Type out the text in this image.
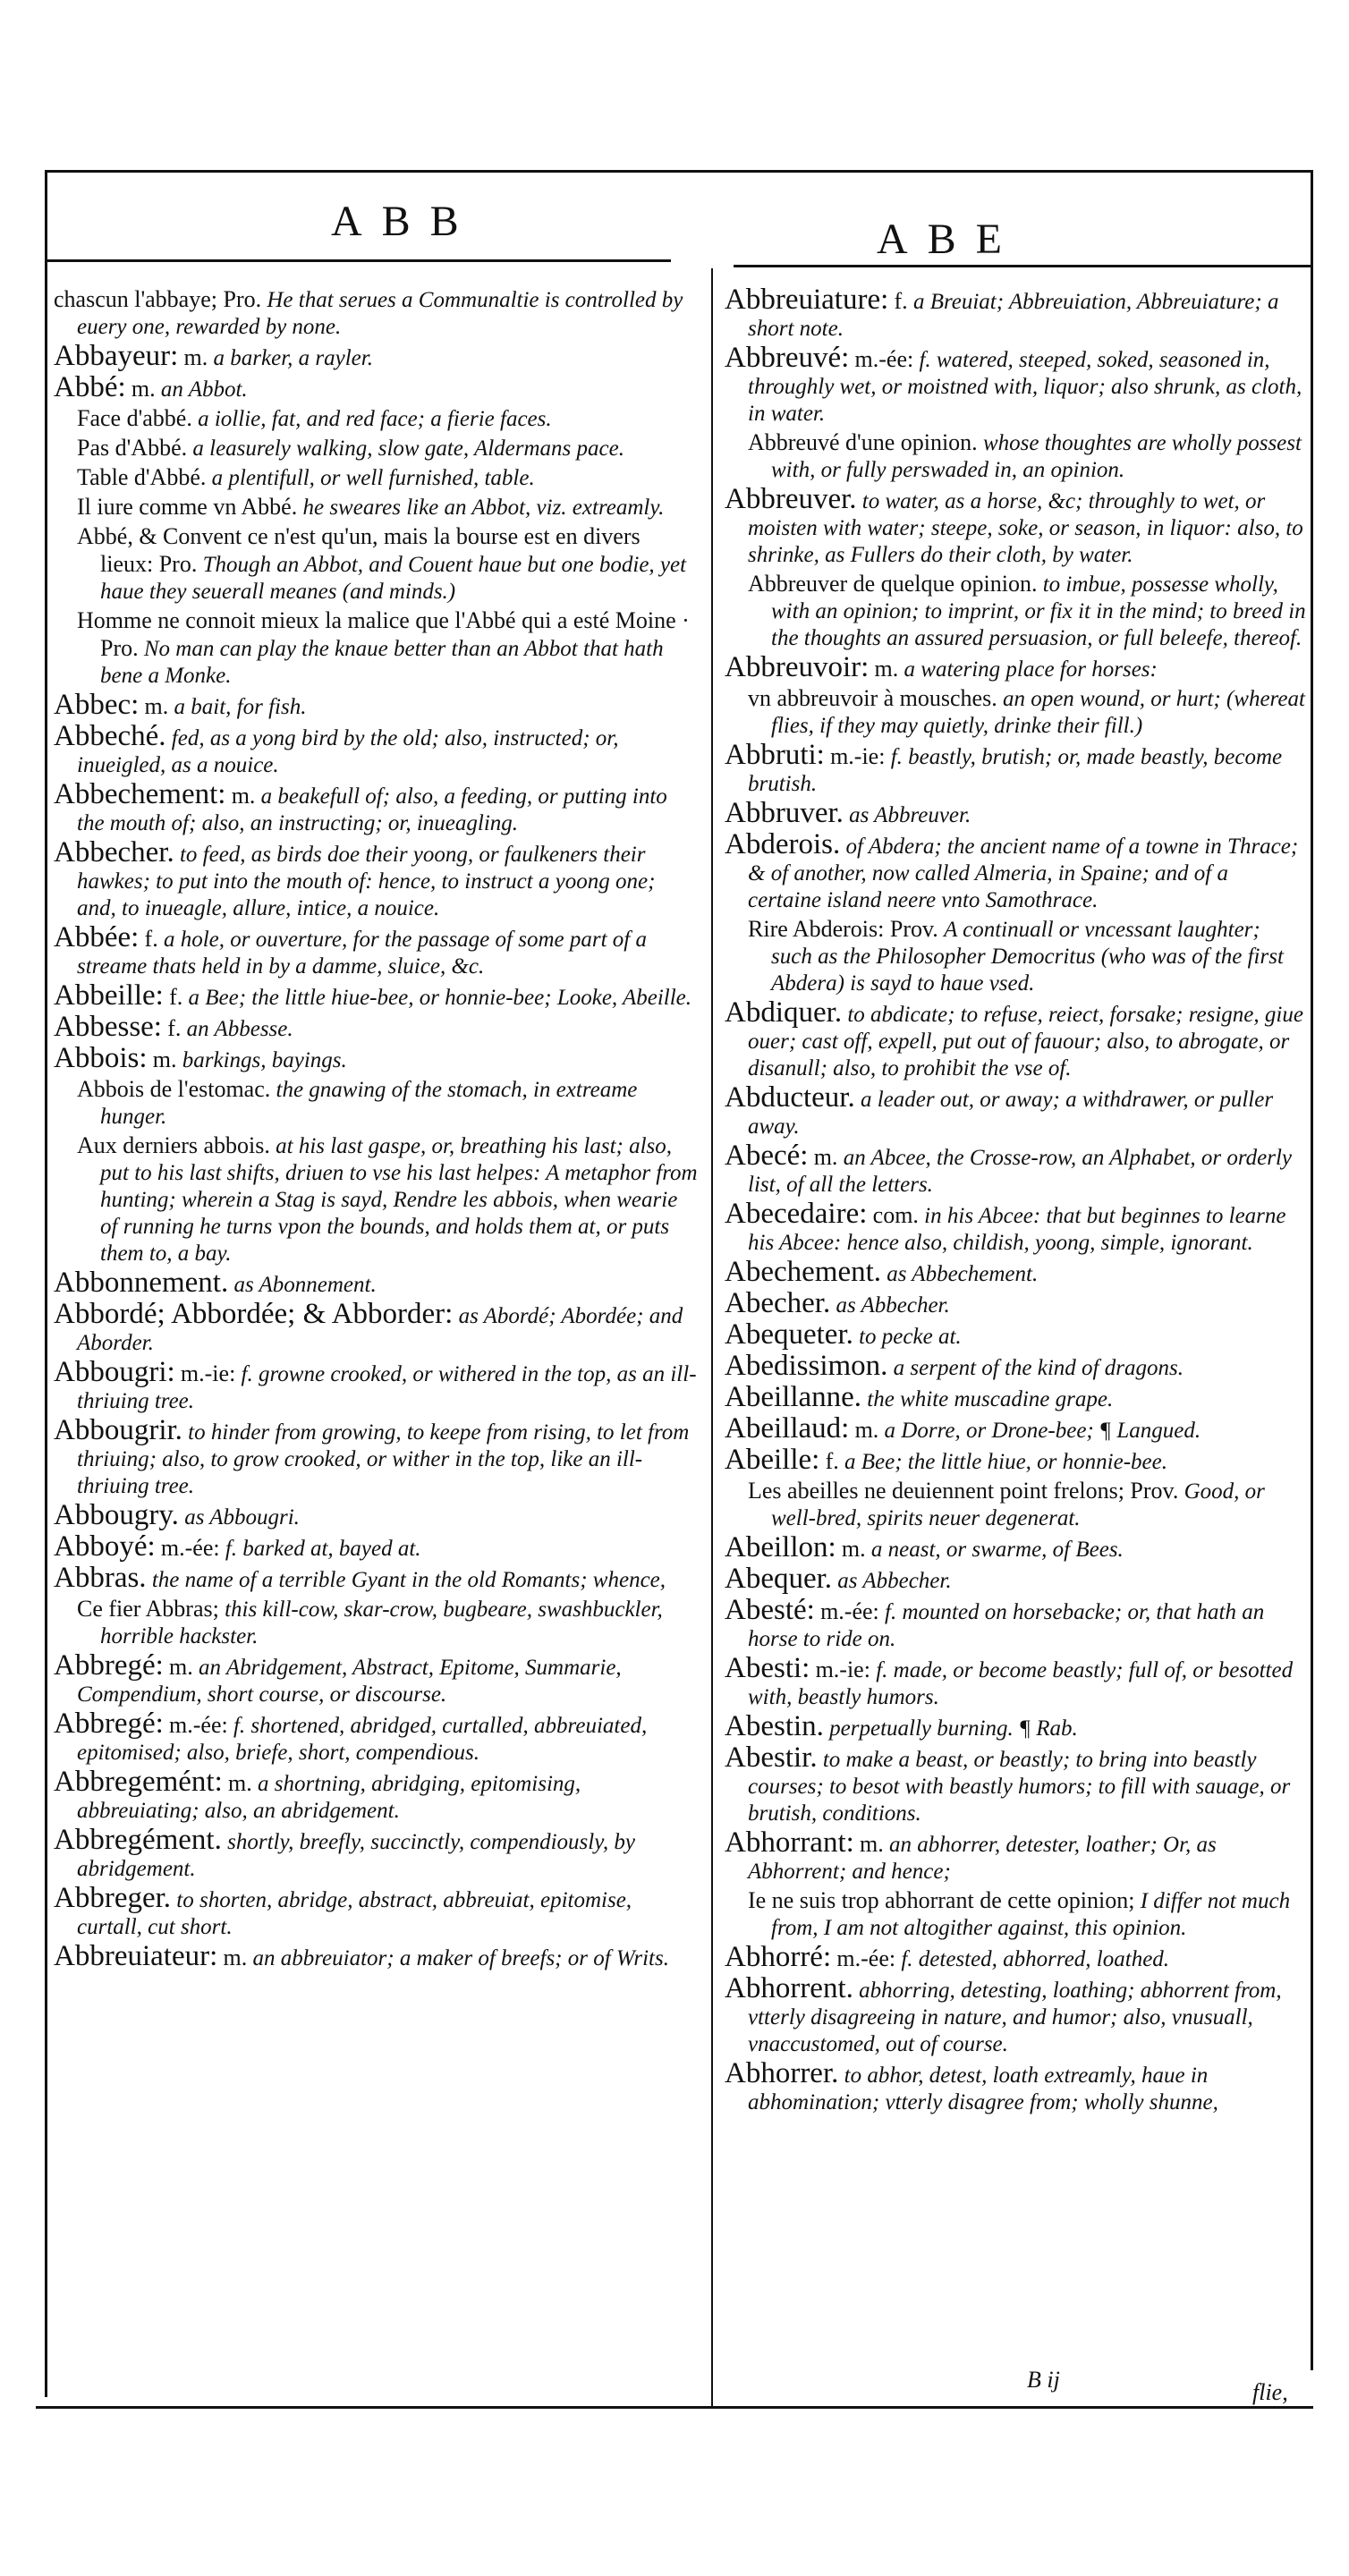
ABB	ABE

chascun l'abbaye; Pro. He that serues a Communaltie is controlled by euery one, rewarded by none.

Abbayeur: m. a barker, a rayler.

Abbé: m. an Abbot.

Face d'abbé. a iollie, fat, and red face; a fierie faces.

Pas d'Abbé. a leasurely walking, slow gate, Aldermans pace.

Table d'Abbé. a plentifull, or well furnished, table.

Il iure comme vn Abbé. he sweares like an Abbot, viz. extreamly.

Abbé, & Convent ce n'est qu'un, mais la bourse est en divers lieux: Pro. Though an Abbot, and Couent haue but one bodie, yet haue they seuerall meanes (and minds.)

Homme ne connoit mieux la malice que l'Abbé qui a esté Moine · Pro. No man can play the knaue better than an Abbot that hath bene a Monke.

Abbec: m. a bait, for fish.

Abbeché. fed, as a yong bird by the old; also, instructed; or, inueigled, as a nouice.

Abbechement: m. a beakefull of; also, a feeding, or putting into the mouth of; also, an instructing; or, inueagling.

Abbecher. to feed, as birds doe their yoong, or faulkeners their hawkes; to put into the mouth of: hence, to instruct a yoong one; and, to inueagle, allure, intice, a nouice.

Abbée: f. a hole, or ouverture, for the passage of some part of a streame thats held in by a damme, sluice, &c.

Abbeille: f. a Bee; the little hiue-bee, or honnie-bee; Looke, Abeille.

Abbesse: f. an Abbesse.

Abbois: m. barkings, bayings.

Abbois de l'estomac. the gnawing of the stomach, in extreame hunger.

Aux derniers abbois. at his last gaspe, or, breathing his last; also, put to his last shifts, driuen to vse his last helpes: A metaphor from hunting; wherein a Stag is sayd, Rendre les abbois, when wearie of running he turns vpon the bounds, and holds them at, or puts them to, a bay.

Abbonnement. as Abonnement.

Abbordé; Abbordée; & Abborder: as Abordé; Abordée; and Aborder.

Abbougri: m.-ie: f. growne crooked, or withered in the top, as an ill-thriuing tree.

Abbougrir. to hinder from growing, to keepe from rising, to let from thriuing; also, to grow crooked, or wither in the top, like an ill-thriuing tree.

Abbougry. as Abbougri.

Abboyé: m.-ée: f. barked at, bayed at.

Abbras. the name of a terrible Gyant in the old Romants; whence,

Ce fier Abbras; this kill-cow, skar-crow, bugbeare, swashbuckler, horrible hackster.

Abbregé: m. an Abridgement, Abstract, Epitome, Summarie, Compendium, short course, or discourse.

Abbregé: m.-ée: f. shortened, abridged, curtalled, abbreuiated, epitomised; also, briefe, short, compendious.

Abbregemént: m. a shortning, abridging, epitomising, abbreuiating; also, an abridgement.

Abbregément. shortly, breefly, succinctly, compendiously, by abridgement.

Abbreger. to shorten, abridge, abstract, abbreuiat, epitomise, curtall, cut short.

Abbreuiateur: m. an abbreuiator; a maker of breefs; or of Writs.

Abbreuiature: f. a Breuiat; Abbreuiation, Abbreuiature; a short note.

Abbreuvé: m.-ée: f. watered, steeped, soked, seasoned in, throughly wet, or moistned with, liquor; also shrunk, as cloth, in water.

Abbreuvé d'une opinion. whose thoughtes are wholly possest with, or fully perswaded in, an opinion.

Abbreuver. to water, as a horse, &c; throughly to wet, or moisten with water; steepe, soke, or season, in liquor: also, to shrinke, as Fullers do their cloth, by water.

Abbreuver de quelque opinion. to imbue, possesse wholly, with an opinion; to imprint, or fix it in the mind; to breed in the thoughts an assured persuasion, or full beleefe, thereof.

Abbreuvoir: m. a watering place for horses:

vn abbreuvoir à mousches. an open wound, or hurt; (whereat flies, if they may quietly, drinke their fill.)

Abbruti: m.-ie: f. beastly, brutish; or, made beastly, become brutish.

Abbruver. as Abbreuver.

Abderois. of Abdera; the ancient name of a towne in Thrace; & of another, now called Almeria, in Spaine; and of a certaine island neere vnto Samothrace.

Rire Abderois: Prov. A continuall or vncessant laughter; such as the Philosopher Democritus (who was of the first Abdera) is sayd to haue vsed.

Abdiquer. to abdicate; to refuse, reiect, forsake; resigne, giue ouer; cast off, expell, put out of fauour; also, to abrogate, or disanull; also, to prohibit the vse of.

Abducteur. a leader out, or away; a withdrawer, or puller away.

Abecé: m. an Abcee, the Crosse-row, an Alphabet, or orderly list, of all the letters.

Abecedaire: com. in his Abcee: that but beginnes to learne his Abcee: hence also, childish, yoong, simple, ignorant.

Abechement. as Abbechement.

Abecher. as Abbecher.

Abequeter. to pecke at.

Abedissimon. a serpent of the kind of dragons.

Abeillanne. the white muscadine grape.

Abeillaud: m. a Dorre, or Drone-bee; ¶ Langued.

Abeille: f. a Bee; the little hiue, or honnie-bee.

Les abeilles ne deuiennent point frelons; Prov. Good, or well-bred, spirits neuer degenerat.

Abeillon: m. a neast, or swarme, of Bees.

Abequer. as Abbecher.

Abesté: m.-ée: f. mounted on horsebacke; or, that hath an horse to ride on.

Abesti: m.-ie: f. made, or become beastly; full of, or besotted with, beastly humors.

Abestin. perpetually burning. ¶ Rab.

Abestir. to make a beast, or beastly; to bring into beastly courses; to besot with beastly humors; to fill with sauage, or brutish, conditions.

Abhorrant: m. an abhorrer, detester, loather; Or, as Abhorrent; and hence;

Ie ne suis trop abhorrant de cette opinion; I differ not much from, I am not altogither against, this opinion.

Abhorré: m.-ée: f. detested, abhorred, loathed.

Abhorrent. abhorring, detesting, loathing; abhorrent from, vtterly disagreeing in nature, and humor; also, vnusuall, vnaccustomed, out of course.

Abhorrer. to abhor, detest, loath extreamly, haue in abhomination; vtterly disagree from; wholly shunne,

B ij	flie,
